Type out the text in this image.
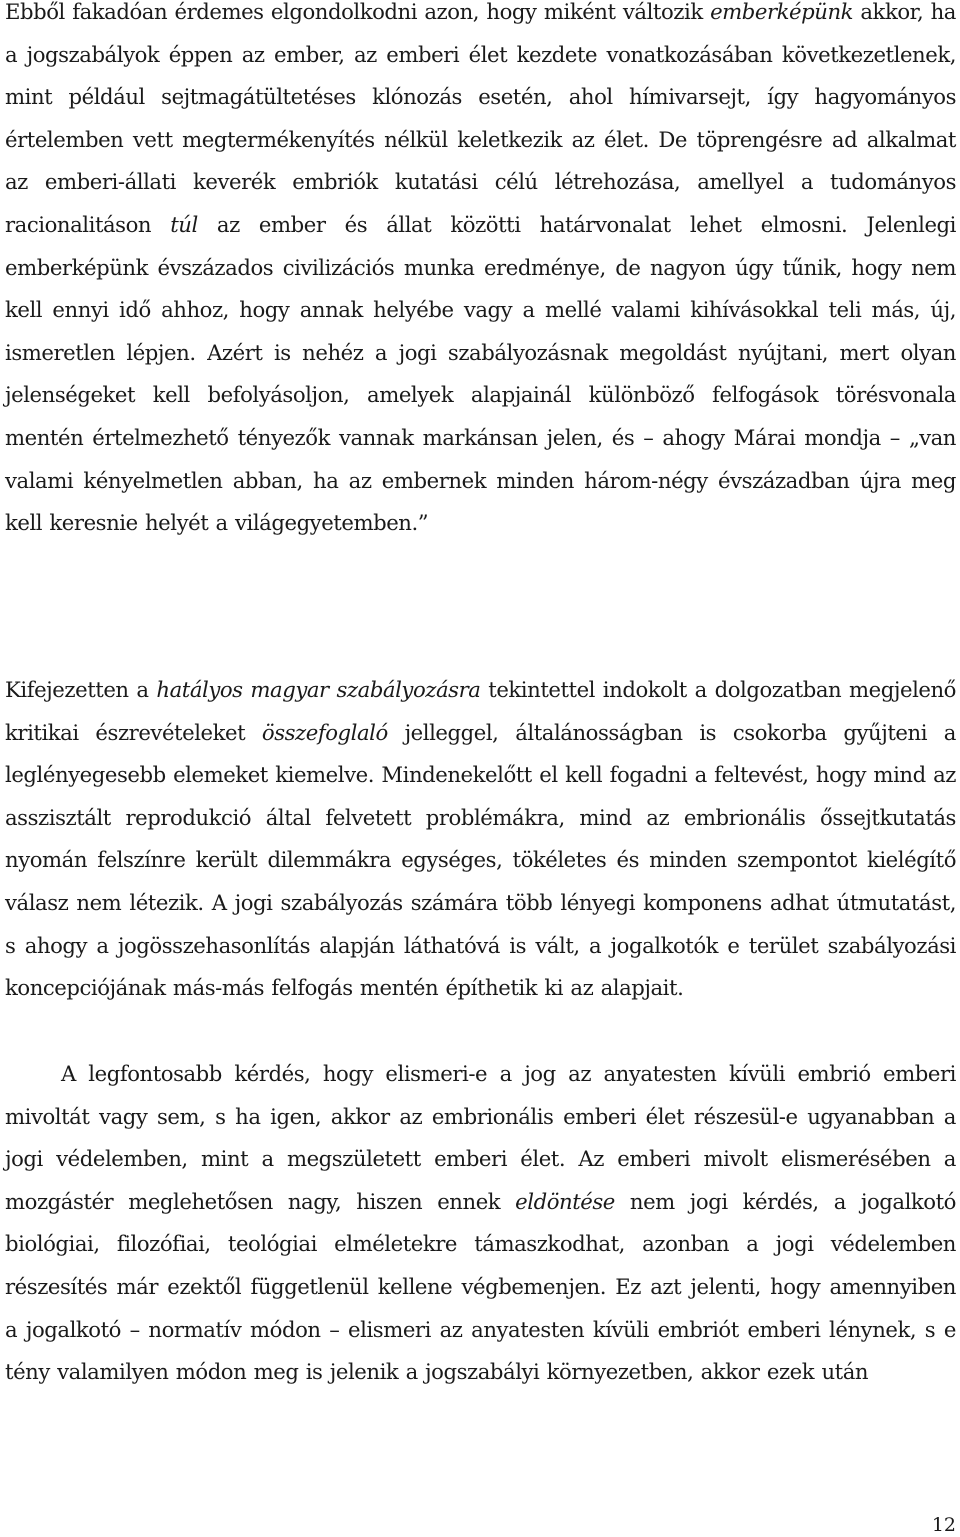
Ebből fakadóan érdemes elgondolkodni azon, hogy miként változik emberképünk akkor, ha a jogszabályok éppen az ember, az emberi élet kezdete vonatkozásában következetlenek, mint például sejtmagátültetéses klónozás esetén, ahol hímivarsejt, így hagyományos értelemben vett megtermékenyítés nélkül keletkezik az élet. De töprengésre ad alkalmat az emberi-állati keverék embriók kutatási célú létrehozása, amellyel a tudományos racionalitáson túl az ember és állat közötti határvonalat lehet elmosni. Jelenlegi emberképünk évszázados civilizációs munka eredménye, de nagyon úgy tűnik, hogy nem kell ennyi idő ahhoz, hogy annak helyébe vagy a mellé valami kihívásokkal teli más, új, ismeretlen lépjen. Azért is nehéz a jogi szabályozásnak megoldást nyújtani, mert olyan jelenségeket kell befolyásoljon, amelyek alapjainál különböző felfogások törésvonala mentén értelmezhető tényezők vannak markánsan jelen, és – ahogy Márai mondja – „van valami kényelmetlen abban, ha az embernek minden három-négy évszázadban újra meg kell keresnie helyét a világegyetemben.”

Kifejezetten a hatályos magyar szabályozásra tekintettel indokolt a dolgozatban megjelenő kritikai észrevételeket összefoglaló jelleggel, általánosságban is csokorba gyűjteni a leglényegesebb elemeket kiemelve. Mindenekelőtt el kell fogadni a feltevést, hogy mind az asszisztált reprodukció által felvetett problémákra, mind az embrionális őssejtkutatás nyomán felszínre került dilemmákra egységes, tökéletes és minden szempontot kielégítő válasz nem létezik. A jogi szabályozás számára több lényegi komponens adhat útmutatást, s ahogy a jogösszehasonlítás alapján láthatóvá is vált, a jogalkotók e terület szabályozási koncepciójának más-más felfogás mentén építhetik ki az alapjait.

A legfontosabb kérdés, hogy elismeri-e a jog az anyatesten kívüli embrió emberi mivoltát vagy sem, s ha igen, akkor az embrionális emberi élet részesül-e ugyanabban a jogi védelemben, mint a megszületett emberi élet. Az emberi mivolt elismerésében a mozgástér meglehetősen nagy, hiszen ennek eldöntése nem jogi kérdés, a jogalkotó biológiai, filozófiai, teológiai elméletekre támaszkodhat, azonban a jogi védelemben részesítés már ezektől függetlenül kellene végbemenjen. Ez azt jelenti, hogy amennyiben a jogalkotó – normatív módon – elismeri az anyatesten kívüli embriót emberi lénynek, s e tény valamilyen módon meg is jelenik a jogszabályi környezetben, akkor ezek után

12
